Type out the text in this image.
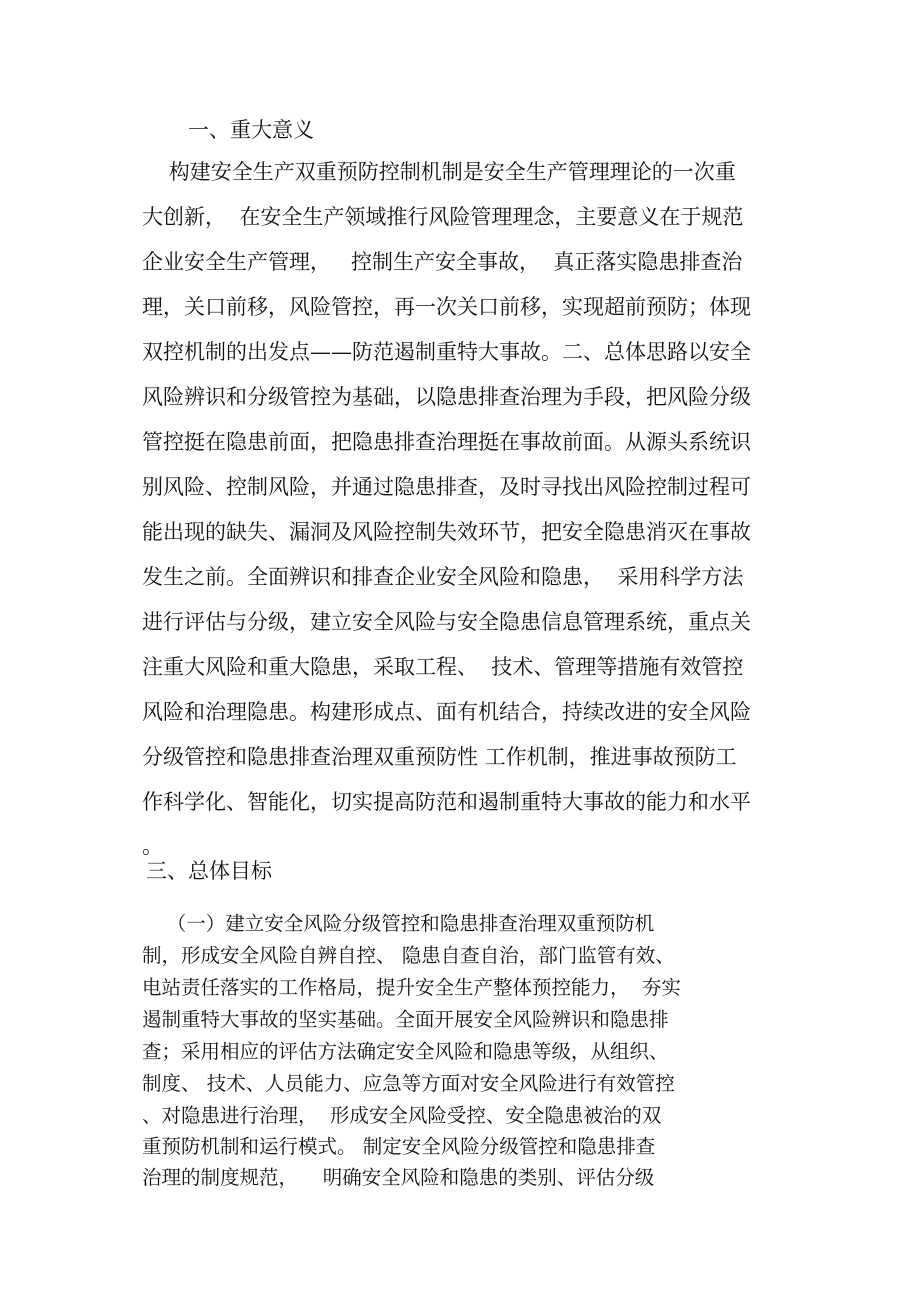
一、重大意义
构建安全生产双重预防控制机制是安全生产管理理论的一次重
大创新，  在安全生产领域推行风险管理理念，主要意义在于规范
企业安全生产管理，   控制生产安全事故，  真正落实隐患排查治
理，关口前移，风险管控，再一次关口前移，实现超前预防；体现
双控机制的出发点——防范遏制重特大事故。二、总体思路以安全
风险辨识和分级管控为基础，以隐患排查治理为手段，把风险分级
管控挺在隐患前面，把隐患排查治理挺在事故前面。从源头系统识
别风险、控制风险，并通过隐患排查，及时寻找出风险控制过程可
能出现的缺失、漏洞及风险控制失效环节，把安全隐患消灭在事故
发生之前。全面辨识和排查企业安全风险和隐患，  采用科学方法
进行评估与分级，建立安全风险与安全隐患信息管理系统，重点关
注重大风险和重大隐患，采取工程、  技术、管理等措施有效管控
风险和治理隐患。构建形成点、面有机结合，持续改进的安全风险
分级管控和隐患排查治理双重预防性 工作机制，推进事故预防工
作科学化、智能化，切实提高防范和遏制重特大事故的能力和水平
。
三、总体目标
（一）建立安全风险分级管控和隐患排查治理双重预防机
制，形成安全风险自辨自控、 隐患自查自治，部门监管有效、
电站责任落实的工作格局，提升安全生产整体预控能力，  夯实
遏制重特大事故的坚实基础。全面开展安全风险辨识和隐患排
查；采用相应的评估方法确定安全风险和隐患等级，从组织、
制度、 技术、人员能力、应急等方面对安全风险进行有效管控
、对隐患进行治理，  形成安全风险受控、安全隐患被治的双
重预防机制和运行模式。 制定安全风险分级管控和隐患排查
治理的制度规范，    明确安全风险和隐患的类别、评估分级
